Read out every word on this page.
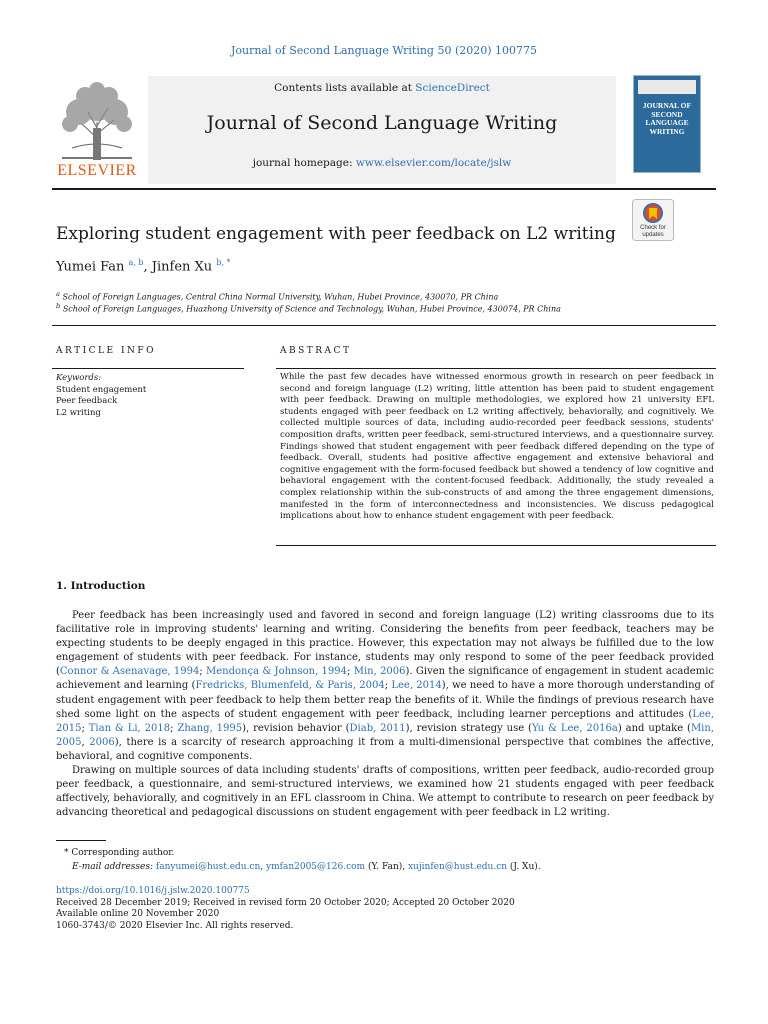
Journal of Second Language Writing 50 (2020) 100775
ELSEVIER
Contents lists available at ScienceDirect
Journal of Second Language Writing
journal homepage: www.elsevier.com/locate/jslw
JOURNAL OF SECOND LANGUAGE WRITING
Check for updates
Exploring student engagement with peer feedback on L2 writing
Yumei Fan $^{a, b}$, Jinfen Xu $^{b, *}$
$^a$ School of Foreign Languages, Central China Normal University, Wuhan, Hubei Province, 430070, PR China
$^b$ School of Foreign Languages, Huazhong University of Science and Technology, Wuhan, Hubei Province, 430074, PR China
ARTICLE INFO	ABSTRACT
Keywords:
Student engagement
Peer feedback
L2 writing
While the past few decades have witnessed enormous growth in research on peer feedback in second and foreign language (L2) writing, little attention has been paid to student engagement with peer feedback. Drawing on multiple methodologies, we explored how 21 university EFL students engaged with peer feedback on L2 writing affectively, behaviorally, and cognitively. We collected multiple sources of data, including audio-recorded peer feedback sessions, students' composition drafts, written peer feedback, semi-structured interviews, and a questionnaire survey. Findings showed that student engagement with peer feedback differed depending on the type of feedback. Overall, students had positive affective engagement and extensive behavioral and cognitive engagement with the form-focused feedback but showed a tendency of low cognitive and behavioral engagement with the content-focused feedback. Additionally, the study revealed a complex relationship within the sub-constructs of and among the three engagement dimensions, manifested in the form of interconnectedness and inconsistencies. We discuss pedagogical implications about how to enhance student engagement with peer feedback.
1. Introduction

Peer feedback has been increasingly used and favored in second and foreign language (L2) writing classrooms due to its facilitative role in improving students' learning and writing. Considering the benefits from peer feedback, teachers may be expecting students to be deeply engaged in this practice. However, this expectation may not always be fulfilled due to the low engagement of students with peer feedback. For instance, students may only respond to some of the peer feedback provided (Connor & Asenavage, 1994; Mendonça & Johnson, 1994; Min, 2006). Given the significance of engagement in student academic achievement and learning (Fredricks, Blumenfeld, & Paris, 2004; Lee, 2014), we need to have a more thorough understanding of student engagement with peer feedback to help them better reap the benefits of it. While the findings of previous research have shed some light on the aspects of student engagement with peer feedback, including learner perceptions and attitudes (Lee, 2015; Tian & Li, 2018; Zhang, 1995), revision behavior (Diab, 2011), revision strategy use (Yu & Lee, 2016a) and uptake (Min, 2005, 2006), there is a scarcity of research approaching it from a multi-dimensional perspective that combines the affective, behavioral, and cognitive components.

Drawing on multiple sources of data including students' drafts of compositions, written peer feedback, audio-recorded group peer feedback, a questionnaire, and semi-structured interviews, we examined how 21 students engaged with peer feedback affectively, behaviorally, and cognitively in an EFL classroom in China. We attempt to contribute to research on peer feedback by advancing theoretical and pedagogical discussions on student engagement with peer feedback in L2 writing.

* Corresponding author.
E-mail addresses: fanyumei@hust.edu.cn, ymfan2005@126.com (Y. Fan), xujinfen@hust.edu.cn (J. Xu).
https://doi.org/10.1016/j.jslw.2020.100775
Received 28 December 2019; Received in revised form 20 October 2020; Accepted 20 October 2020
Available online 20 November 2020
1060-3743/© 2020 Elsevier Inc. All rights reserved.
